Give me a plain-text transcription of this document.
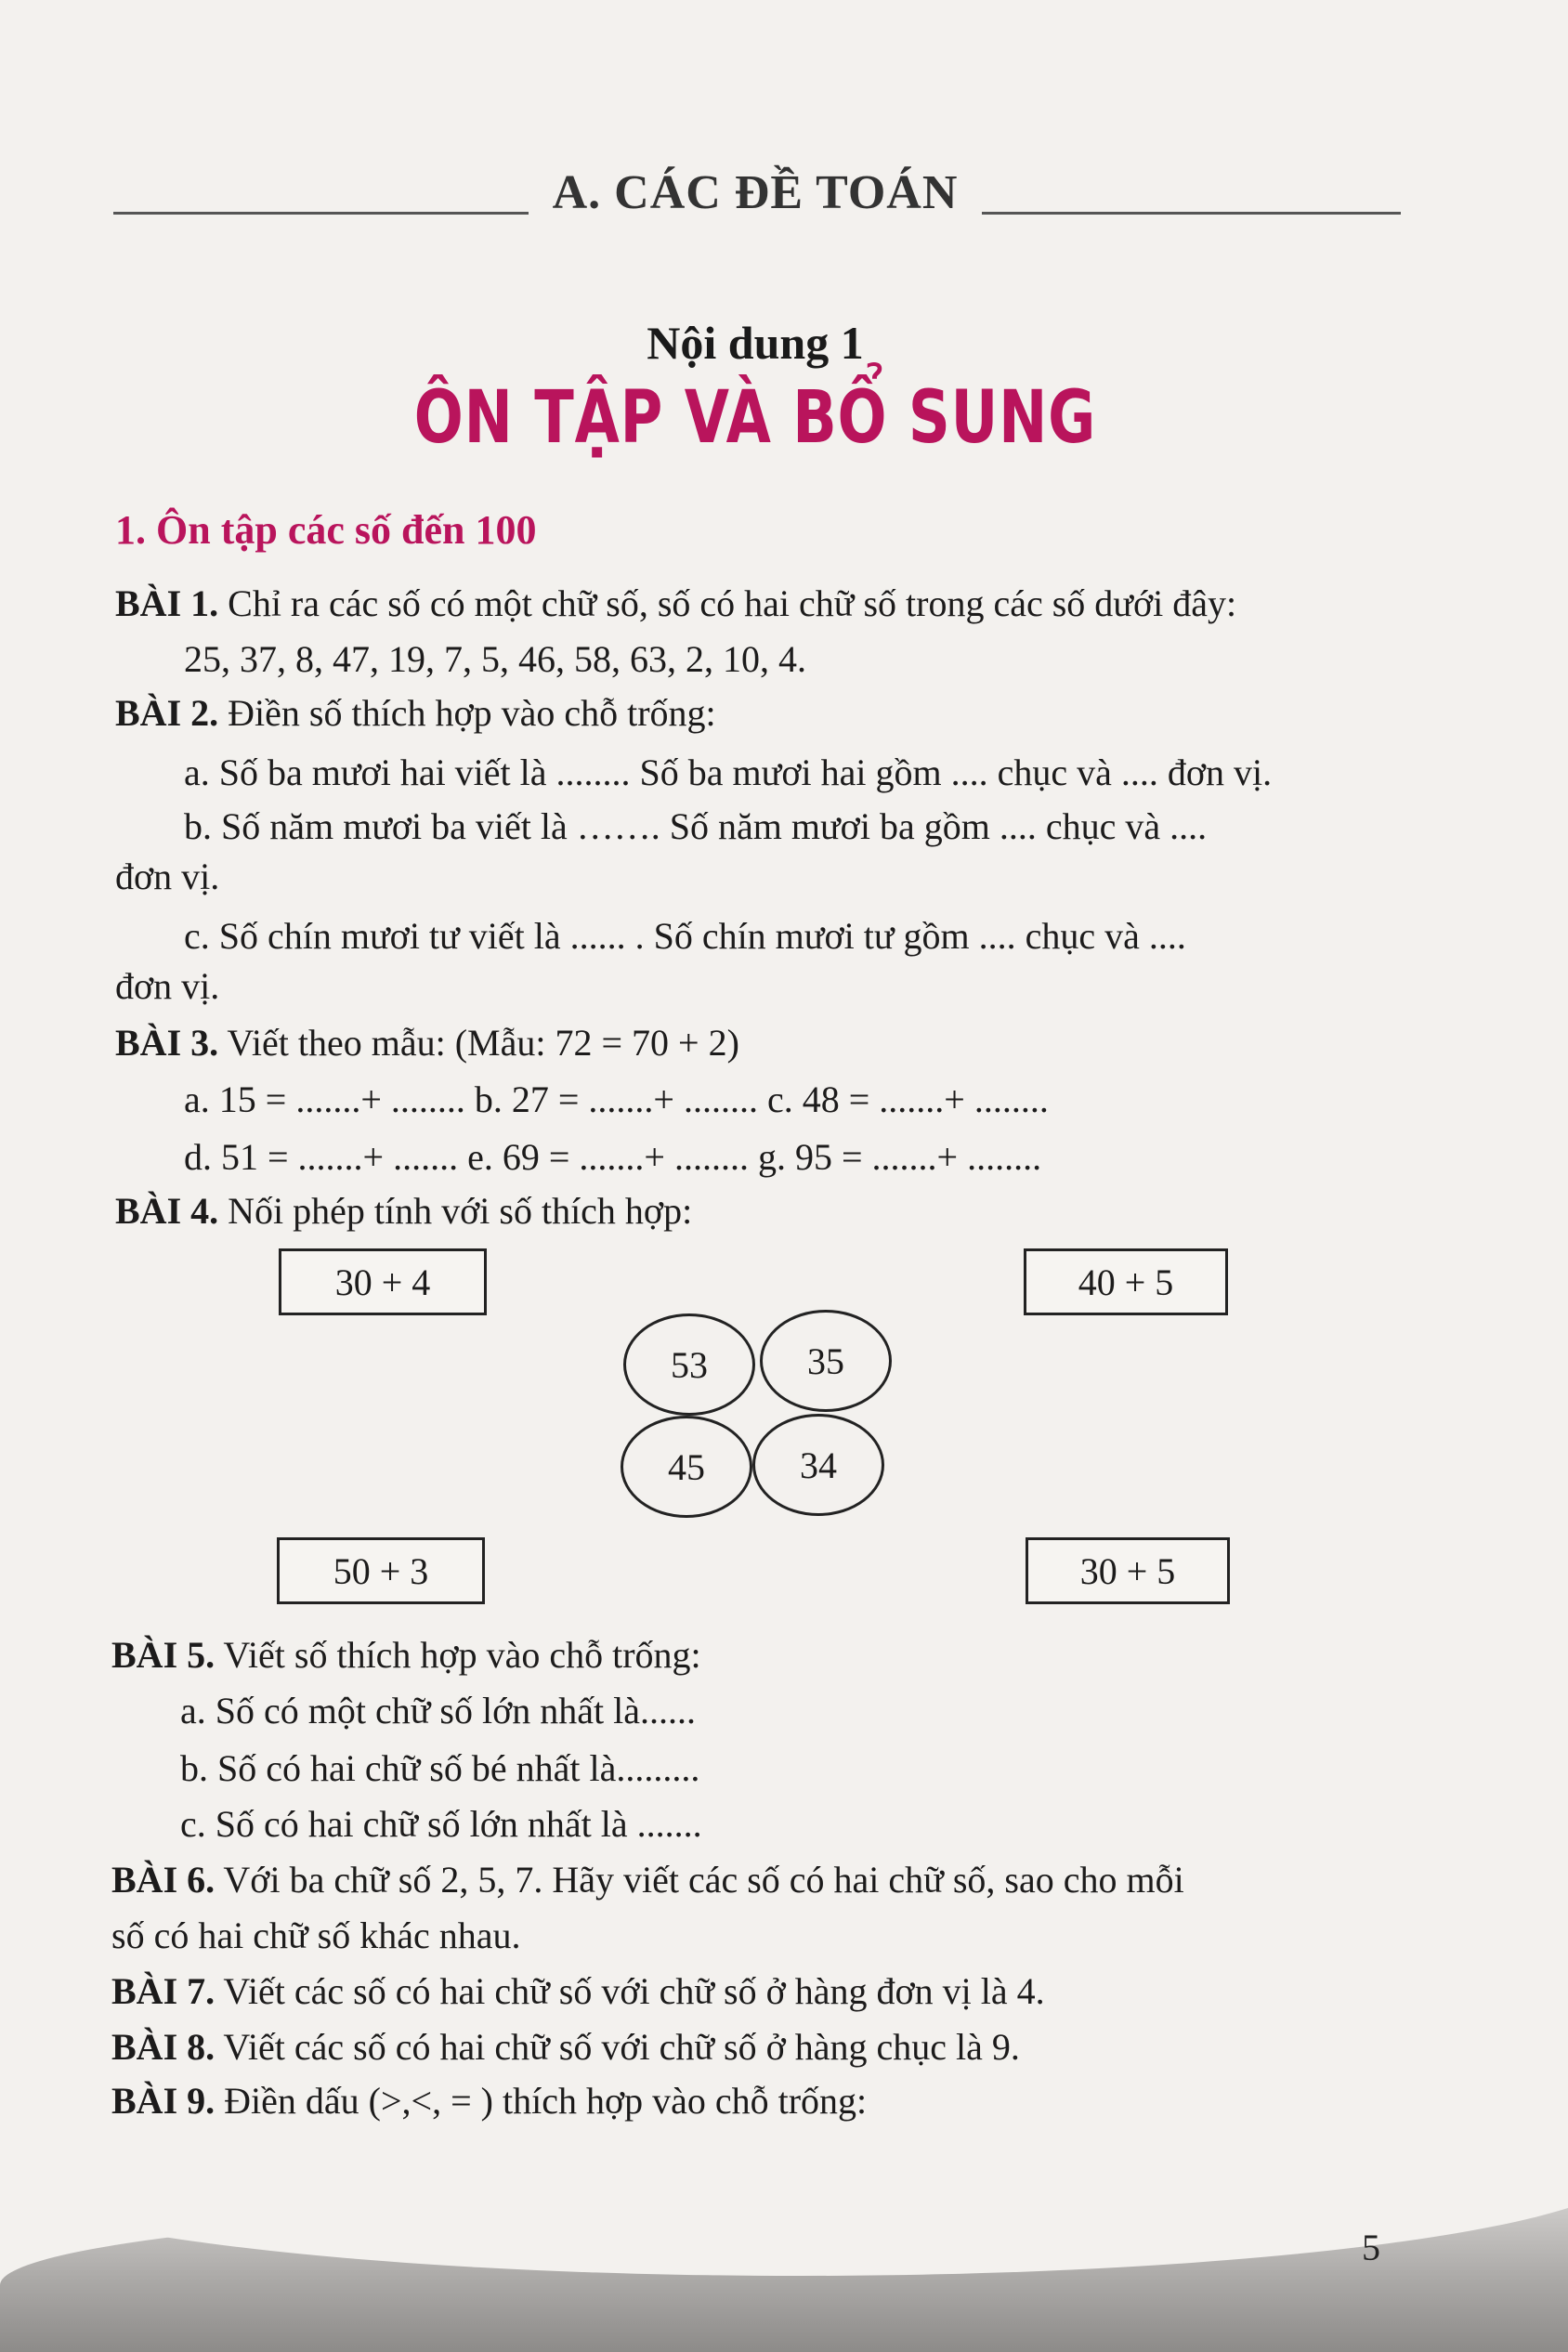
A. CÁC ĐỀ TOÁN
Nội dung 1
ÔN TẬP VÀ BỔ SUNG
1. Ôn tập các số đến 100
BÀI 1. Chỉ ra các số có một chữ số, số có hai chữ số trong các số dưới đây:
25, 37, 8, 47, 19, 7, 5, 46, 58, 63, 2, 10, 4.
BÀI 2. Điền số thích hợp vào chỗ trống:
a. Số ba mươi hai viết là ........ Số ba mươi hai gồm .... chục và .... đơn vị.
b. Số năm mươi ba viết là ……. Số năm mươi ba gồm .... chục và ....
đơn vị.
c. Số chín mươi tư viết là ...... . Số chín mươi tư gồm .... chục và ....
đơn vị.
BÀI 3. Viết theo mẫu: (Mẫu: 72 = 70 + 2)
a. 15 = .......+ ........ b. 27 = .......+ ........ c. 48 = .......+ ........
d. 51 = .......+ ....... e. 69 = .......+ ........ g. 95 = .......+ ........
BÀI 4. Nối phép tính với số thích hợp:
30 + 4	40 + 5
50 + 3	30 + 5
53	35
45	34
BÀI 5. Viết số thích hợp vào chỗ trống:
a. Số có một chữ số lớn nhất là......
b. Số có hai chữ số bé nhất là.........
c. Số có hai chữ số lớn nhất là .......
BÀI 6. Với ba chữ số 2, 5, 7. Hãy viết các số có hai chữ số, sao cho mỗi
số có hai chữ số khác nhau.
BÀI 7. Viết các số có hai chữ số với chữ số ở hàng đơn vị là 4.
BÀI 8. Viết các số có hai chữ số với chữ số ở hàng chục là 9.
BÀI 9. Điền dấu (>,<, = ) thích hợp vào chỗ trống:
5
